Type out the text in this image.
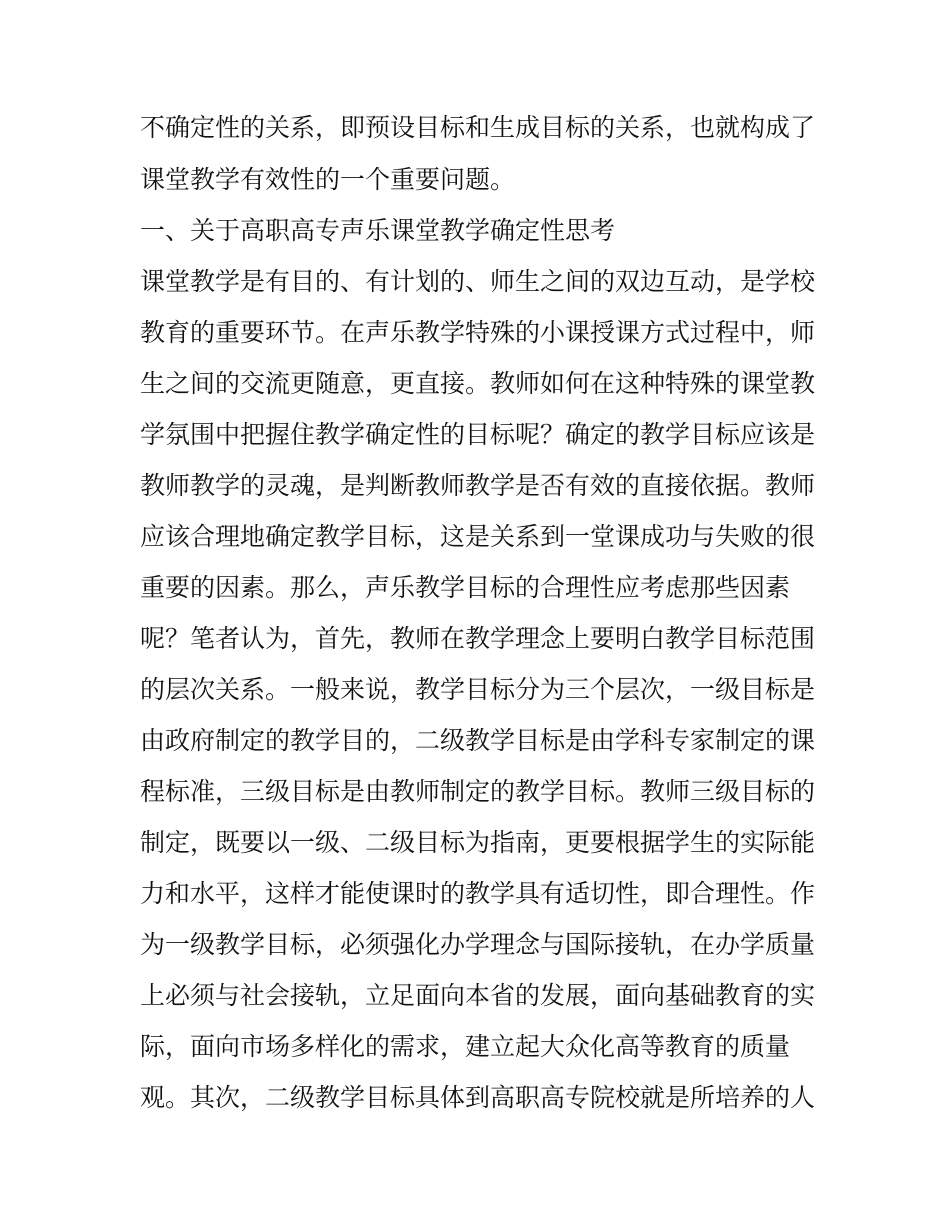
不确定性的关系，即预设目标和生成目标的关系，也就构成了
课堂教学有效性的一个重要问题。
一、关于高职高专声乐课堂教学确定性思考
课堂教学是有目的、有计划的、师生之间的双边互动，是学校
教育的重要环节。在声乐教学特殊的小课授课方式过程中，师
生之间的交流更随意，更直接。教师如何在这种特殊的课堂教
学氛围中把握住教学确定性的目标呢？确定的教学目标应该是
教师教学的灵魂，是判断教师教学是否有效的直接依据。教师
应该合理地确定教学目标，这是关系到一堂课成功与失败的很
重要的因素。那么，声乐教学目标的合理性应考虑那些因素
呢？笔者认为，首先，教师在教学理念上要明白教学目标范围
的层次关系。一般来说，教学目标分为三个层次，一级目标是
由政府制定的教学目的，二级教学目标是由学科专家制定的课
程标准，三级目标是由教师制定的教学目标。教师三级目标的
制定，既要以一级、二级目标为指南，更要根据学生的实际能
力和水平，这样才能使课时的教学具有适切性，即合理性。作
为一级教学目标，必须强化办学理念与国际接轨，在办学质量
上必须与社会接轨，立足面向本省的发展，面向基础教育的实
际，面向市场多样化的需求，建立起大众化高等教育的质量
观。其次，二级教学目标具体到高职高专院校就是所培养的人
